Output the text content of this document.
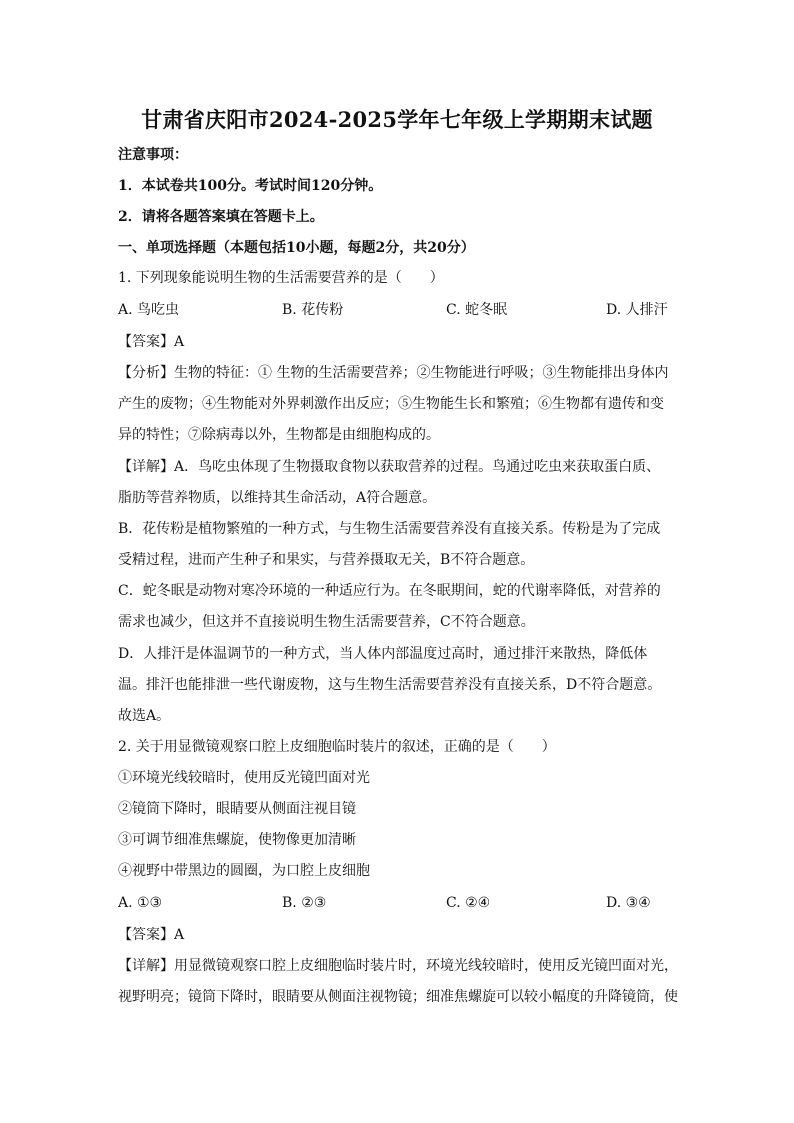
甘肃省庆阳市2024-2025学年七年级上学期期末试题
注意事项：
1．本试卷共100分。考试时间120分钟。
2．请将各题答案填在答题卡上。
一、单项选择题（本题包括10小题，每题2分，共20分）
1. 下列现象能说明生物的生活需要营养的是（　　）
A. 鸟吃虫	B. 花传粉	C. 蛇冬眠	D. 人排汗
【答案】A
【分析】生物的特征：① 生物的生活需要营养；②生物能进行呼吸；③生物能排出身体内
产生的废物；④生物能对外界刺激作出反应；⑤生物能生长和繁殖；⑥生物都有遗传和变
异的特性；⑦除病毒以外，生物都是由细胞构成的。
【详解】A．鸟吃虫体现了生物摄取食物以获取营养的过程。鸟通过吃虫来获取蛋白质、
脂肪等营养物质，以维持其生命活动，A符合题意。
B．花传粉是植物繁殖的一种方式，与生物生活需要营养没有直接关系。传粉是为了完成
受精过程，进而产生种子和果实，与营养摄取无关，B不符合题意。
C．蛇冬眠是动物对寒冷环境的一种适应行为。在冬眠期间，蛇的代谢率降低，对营养的
需求也减少，但这并不直接说明生物生活需要营养，C不符合题意。
D．人排汗是体温调节的一种方式，当人体内部温度过高时，通过排汗来散热，降低体
温。排汗也能排泄一些代谢废物，这与生物生活需要营养没有直接关系，D不符合题意。
故选A。
2. 关于用显微镜观察口腔上皮细胞临时装片的叙述，正确的是（　　）
①环境光线较暗时，使用反光镜凹面对光
②镜筒下降时，眼睛要从侧面注视目镜
③可调节细准焦螺旋，使物像更加清晰
④视野中带黑边的圆圈，为口腔上皮细胞
A. ①③	B. ②③	C. ②④	D. ③④
【答案】A
【详解】用显微镜观察口腔上皮细胞临时装片时，环境光线较暗时，使用反光镜凹面对光，
视野明亮；镜筒下降时，眼睛要从侧面注视物镜；细准焦螺旋可以较小幅度的升降镜筒，使
